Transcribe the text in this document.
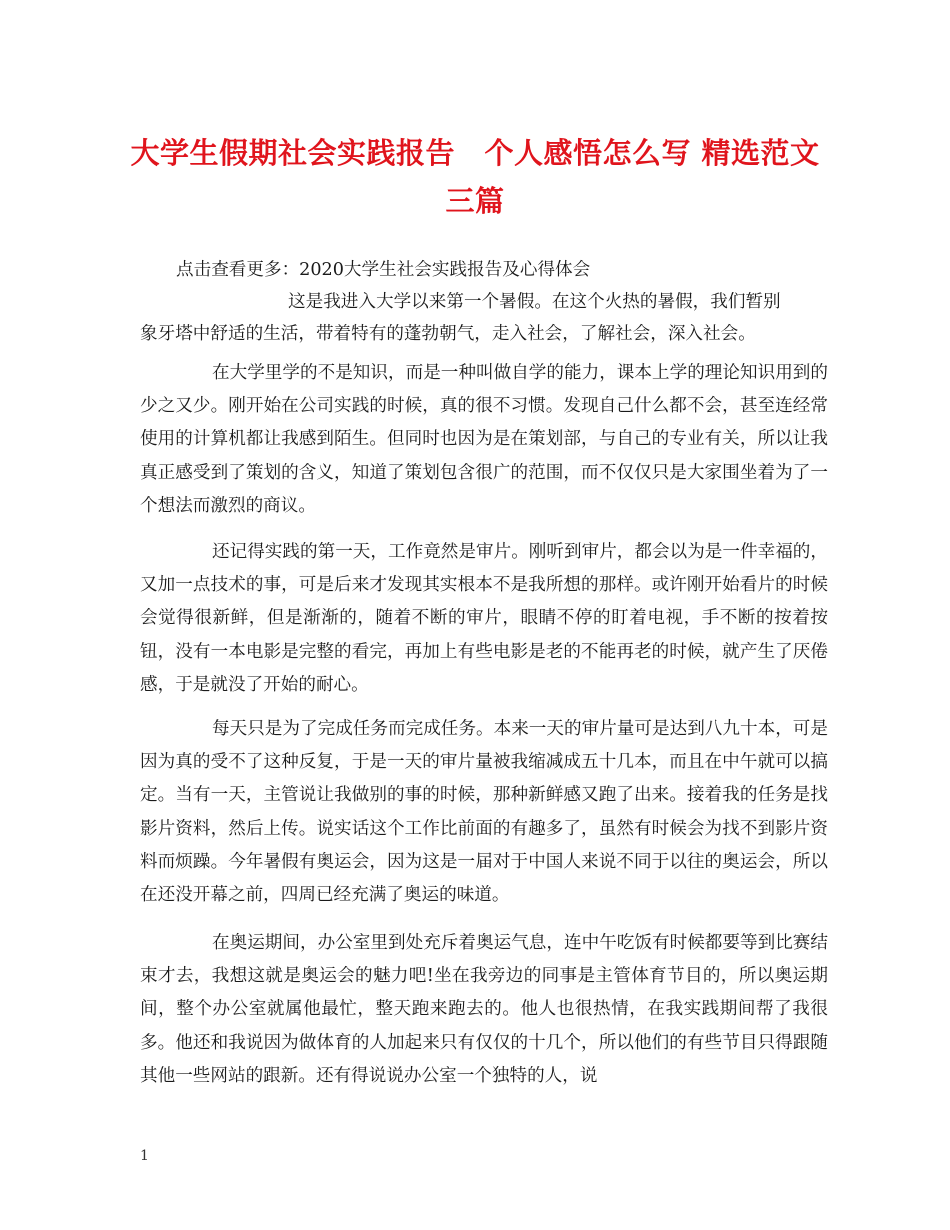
大学生假期社会实践报告　个人感悟怎么写 精选范文
三篇
点击查看更多：2020大学生社会实践报告及心得体会
这是我进入大学以来第一个暑假。在这个火热的暑假，我们暂别

象牙塔中舒适的生活，带着特有的蓬勃朝气，走入社会，了解社会，深入社会。

在大学里学的不是知识，而是一种叫做自学的能力，课本上学的理论知识用到的少之又少。刚开始在公司实践的时候，真的很不习惯。发现自己什么都不会，甚至连经常使用的计算机都让我感到陌生。但同时也因为是在策划部，与自己的专业有关，所以让我真正感受到了策划的含义，知道了策划包含很广的范围，而不仅仅只是大家围坐着为了一个想法而激烈的商议。

还记得实践的第一天，工作竟然是审片。刚听到审片，都会以为是一件幸福的，又加一点技术的事，可是后来才发现其实根本不是我所想的那样。或许刚开始看片的时候会觉得很新鲜，但是渐渐的，随着不断的审片，眼睛不停的盯着电视，手不断的按着按钮，没有一本电影是完整的看完，再加上有些电影是老的不能再老的时候，就产生了厌倦感，于是就没了开始的耐心。

每天只是为了完成任务而完成任务。本来一天的审片量可是达到八九十本，可是因为真的受不了这种反复，于是一天的审片量被我缩减成五十几本，而且在中午就可以搞定。当有一天，主管说让我做别的事的时候，那种新鲜感又跑了出来。接着我的任务是找影片资料，然后上传。说实话这个工作比前面的有趣多了，虽然有时候会为找不到影片资料而烦躁。今年暑假有奥运会，因为这是一届对于中国人来说不同于以往的奥运会，所以在还没开幕之前，四周已经充满了奥运的味道。

在奥运期间，办公室里到处充斥着奥运气息，连中午吃饭有时候都要等到比赛结束才去，我想这就是奥运会的魅力吧!坐在我旁边的同事是主管体育节目的，所以奥运期间，整个办公室就属他最忙，整天跑来跑去的。他人也很热情，在我实践期间帮了我很多。他还和我说因为做体育的人加起来只有仅仅的十几个，所以他们的有些节目只得跟随其他一些网站的跟新。还有得说说办公室一个独特的人，说

1
